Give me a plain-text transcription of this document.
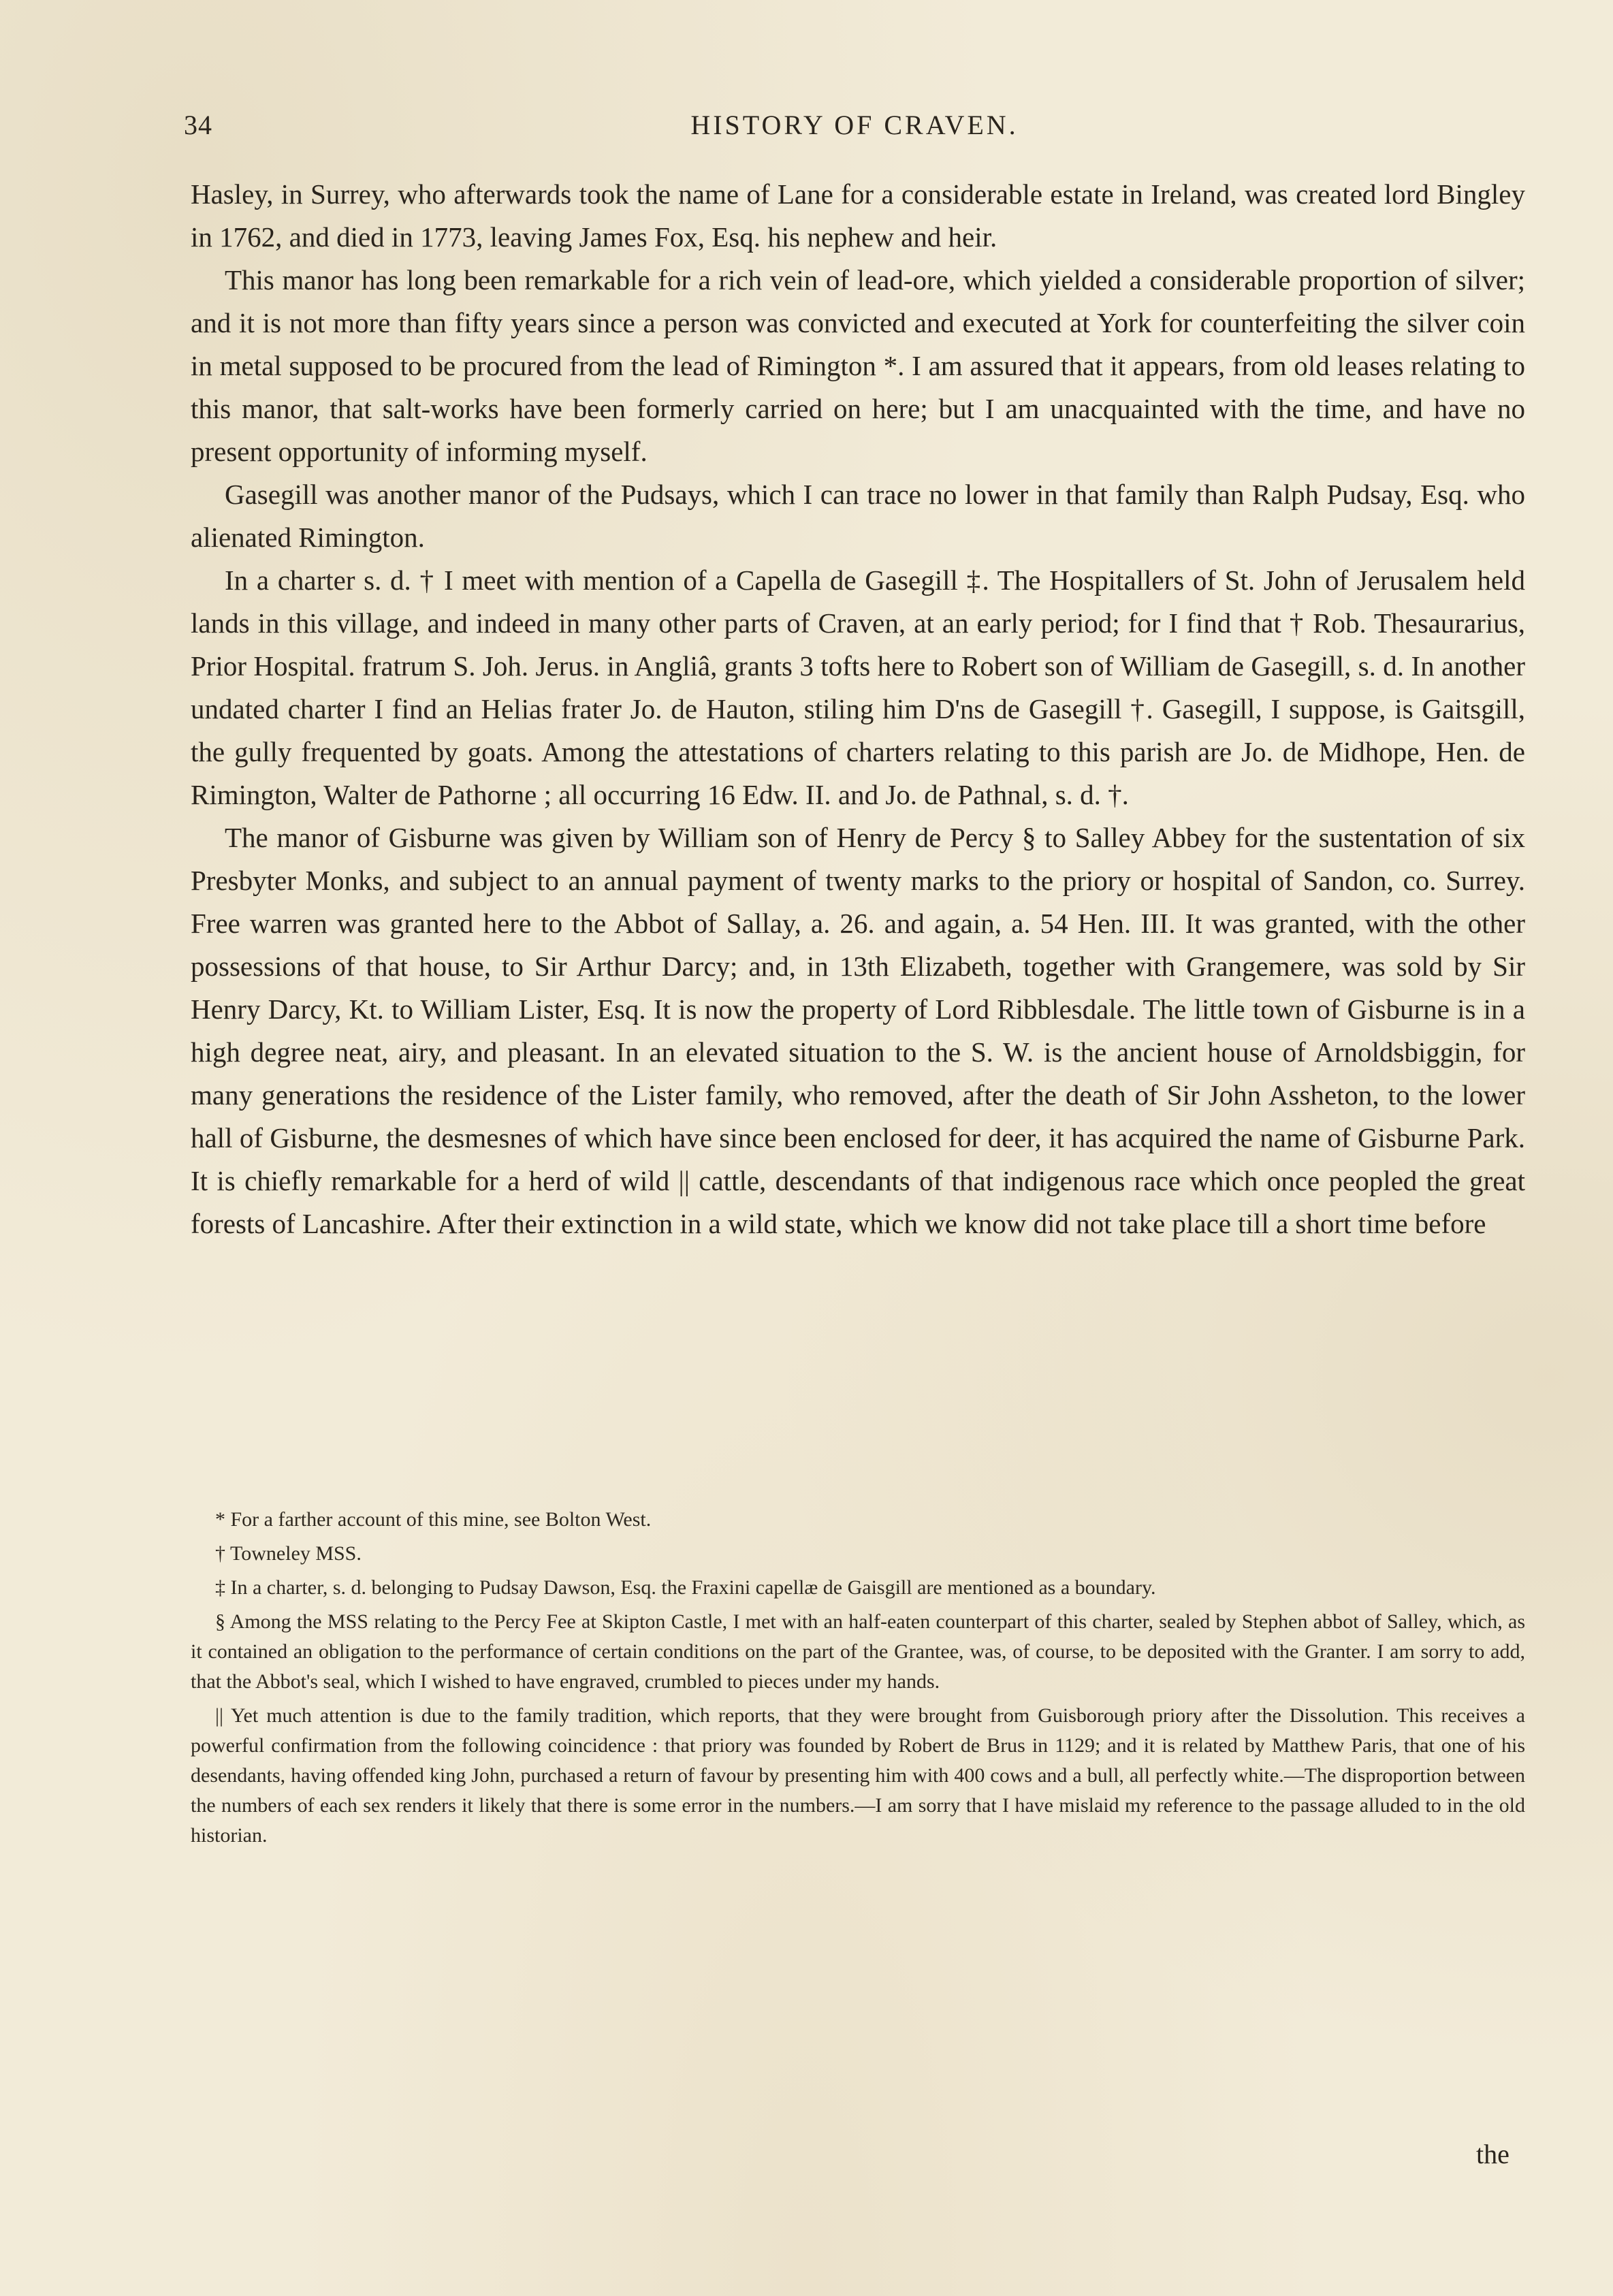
34	HISTORY OF CRAVEN.

Hasley, in Surrey, who afterwards took the name of Lane for a considerable estate in Ireland, was created lord Bingley in 1762, and died in 1773, leaving James Fox, Esq. his nephew and heir.

This manor has long been remarkable for a rich vein of lead-ore, which yielded a considerable proportion of silver; and it is not more than fifty years since a person was convicted and executed at York for counterfeiting the silver coin in metal supposed to be procured from the lead of Rimington *. I am assured that it appears, from old leases relating to this manor, that salt-works have been formerly carried on here; but I am unacquainted with the time, and have no present opportunity of informing myself.

Gasegill was another manor of the Pudsays, which I can trace no lower in that family than Ralph Pudsay, Esq. who alienated Rimington.

In a charter s. d. † I meet with mention of a Capella de Gasegill ‡. The Hospitallers of St. John of Jerusalem held lands in this village, and indeed in many other parts of Craven, at an early period; for I find that † Rob. Thesaurarius, Prior Hospital. fratrum S. Joh. Jerus. in Angliâ, grants 3 tofts here to Robert son of William de Gasegill, s. d. In another undated charter I find an Helias frater Jo. de Hauton, stiling him D'ns de Gasegill †. Gasegill, I suppose, is Gaitsgill, the gully frequented by goats. Among the attestations of charters relating to this parish are Jo. de Midhope, Hen. de Rimington, Walter de Pathorne ; all occurring 16 Edw. II. and Jo. de Pathnal, s. d. †.

The manor of Gisburne was given by William son of Henry de Percy § to Salley Abbey for the sustentation of six Presbyter Monks, and subject to an annual payment of twenty marks to the priory or hospital of Sandon, co. Surrey. Free warren was granted here to the Abbot of Sallay, a. 26. and again, a. 54 Hen. III. It was granted, with the other possessions of that house, to Sir Arthur Darcy; and, in 13th Elizabeth, together with Grangemere, was sold by Sir Henry Darcy, Kt. to William Lister, Esq. It is now the property of Lord Ribblesdale. The little town of Gisburne is in a high degree neat, airy, and pleasant. In an elevated situation to the S. W. is the ancient house of Arnoldsbiggin, for many generations the residence of the Lister family, who removed, after the death of Sir John Assheton, to the lower hall of Gisburne, the desmesnes of which have since been enclosed for deer, it has acquired the name of Gisburne Park. It is chiefly remarkable for a herd of wild || cattle, descendants of that indigenous race which once peopled the great forests of Lancashire. After their extinction in a wild state, which we know did not take place till a short time before

* For a farther account of this mine, see Bolton West.

† Towneley MSS.

‡ In a charter, s. d. belonging to Pudsay Dawson, Esq. the Fraxini capellæ de Gaisgill are mentioned as a boundary.

§ Among the MSS relating to the Percy Fee at Skipton Castle, I met with an half-eaten counterpart of this charter, sealed by Stephen abbot of Salley, which, as it contained an obligation to the performance of certain conditions on the part of the Grantee, was, of course, to be deposited with the Granter. I am sorry to add, that the Abbot's seal, which I wished to have engraved, crumbled to pieces under my hands.

|| Yet much attention is due to the family tradition, which reports, that they were brought from Guisborough priory after the Dissolution. This receives a powerful confirmation from the following coincidence : that priory was founded by Robert de Brus in 1129; and it is related by Matthew Paris, that one of his desendants, having offended king John, purchased a return of favour by presenting him with 400 cows and a bull, all perfectly white.—The disproportion between the numbers of each sex renders it likely that there is some error in the numbers.—I am sorry that I have mislaid my reference to the passage alluded to in the old historian.

the
